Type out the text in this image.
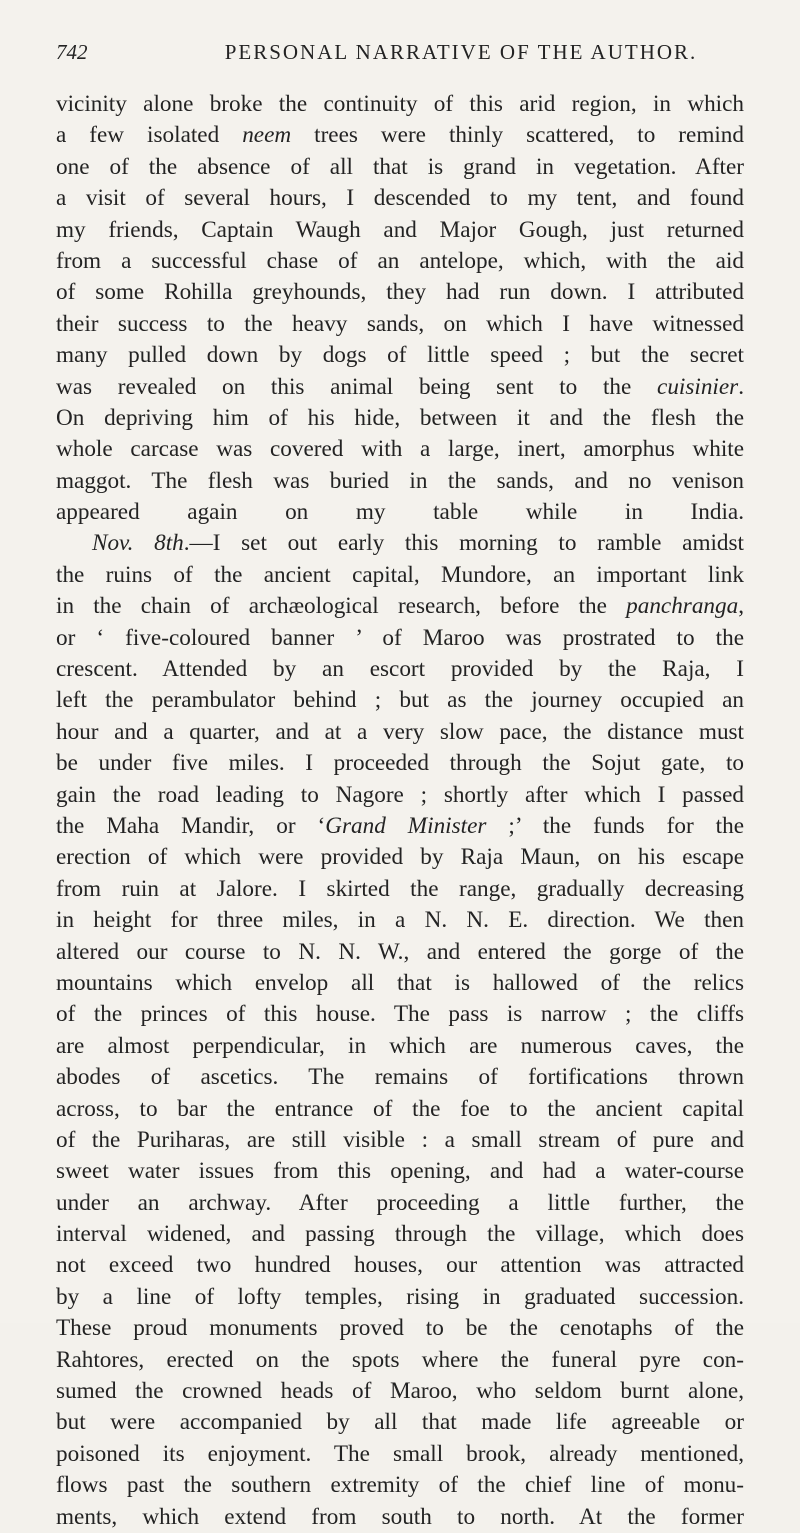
742	PERSONAL NARRATIVE OF THE AUTHOR.
vicinity alone broke the continuity of this arid region, in which
a few isolated neem trees were thinly scattered, to remind
one of the absence of all that is grand in vegetation. After
a visit of several hours, I descended to my tent, and found
my friends, Captain Waugh and Major Gough, just returned
from a successful chase of an antelope, which, with the aid
of some Rohilla greyhounds, they had run down. I attributed
their success to the heavy sands, on which I have witnessed
many pulled down by dogs of little speed ; but the secret
was revealed on this animal being sent to the cuisinier.
On depriving him of his hide, between it and the flesh the
whole carcase was covered with a large, inert, amorphus white
maggot. The flesh was buried in the sands, and no venison
appeared again on my table while in India.
Nov. 8th.—I set out early this morning to ramble amidst
the ruins of the ancient capital, Mundore, an important link
in the chain of archæological research, before the panchranga,
or ‘ five-coloured banner ’ of Maroo was prostrated to the
crescent. Attended by an escort provided by the Raja, I
left the perambulator behind ; but as the journey occupied an
hour and a quarter, and at a very slow pace, the distance must
be under five miles. I proceeded through the Sojut gate, to
gain the road leading to Nagore ; shortly after which I passed
the Maha Mandir, or ‘Grand Minister ;’ the funds for the
erection of which were provided by Raja Maun, on his escape
from ruin at Jalore. I skirted the range, gradually decreasing
in height for three miles, in a N. N. E. direction. We then
altered our course to N. N. W., and entered the gorge of the
mountains which envelop all that is hallowed of the relics
of the princes of this house. The pass is narrow ; the cliffs
are almost perpendicular, in which are numerous caves, the
abodes of ascetics. The remains of fortifications thrown
across, to bar the entrance of the foe to the ancient capital
of the Puriharas, are still visible : a small stream of pure and
sweet water issues from this opening, and had a water-course
under an archway. After proceeding a little further, the
interval widened, and passing through the village, which does
not exceed two hundred houses, our attention was attracted
by a line of lofty temples, rising in graduated succession.
These proud monuments proved to be the cenotaphs of the
Rahtores, erected on the spots where the funeral pyre con-
sumed the crowned heads of Maroo, who seldom burnt alone,
but were accompanied by all that made life agreeable or
poisoned its enjoyment. The small brook, already mentioned,
flows past the southern extremity of the chief line of monu-
ments, which extend from south to north. At the former
